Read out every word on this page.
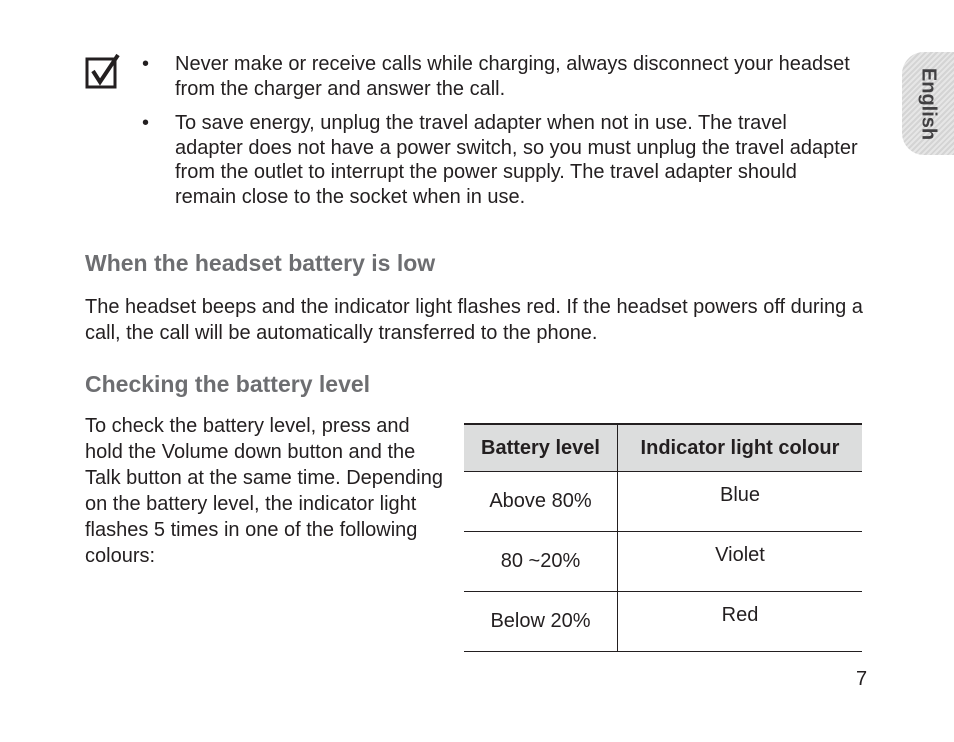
• Never make or receive calls while charging, always disconnect your headset from the charger and answer the call.
• To save energy, unplug the travel adapter when not in use. The travel adapter does not have a power switch, so you must unplug the travel adapter from the outlet to interrupt the power supply. The travel adapter should remain close to the socket when in use.
English
When the headset battery is low

The headset beeps and the indicator light flashes red. If the headset powers off during a call, the call will be automatically transferred to the phone.

Checking the battery level

To check the battery level, press and hold the Volume down button and the Talk button at the same time. Depending on the battery level, the indicator light flashes 5 times in one of the following colours:

Battery level	Indicator light colour
Above 80%	Blue
80 ~20%	Violet
Below 20%	Red
7
